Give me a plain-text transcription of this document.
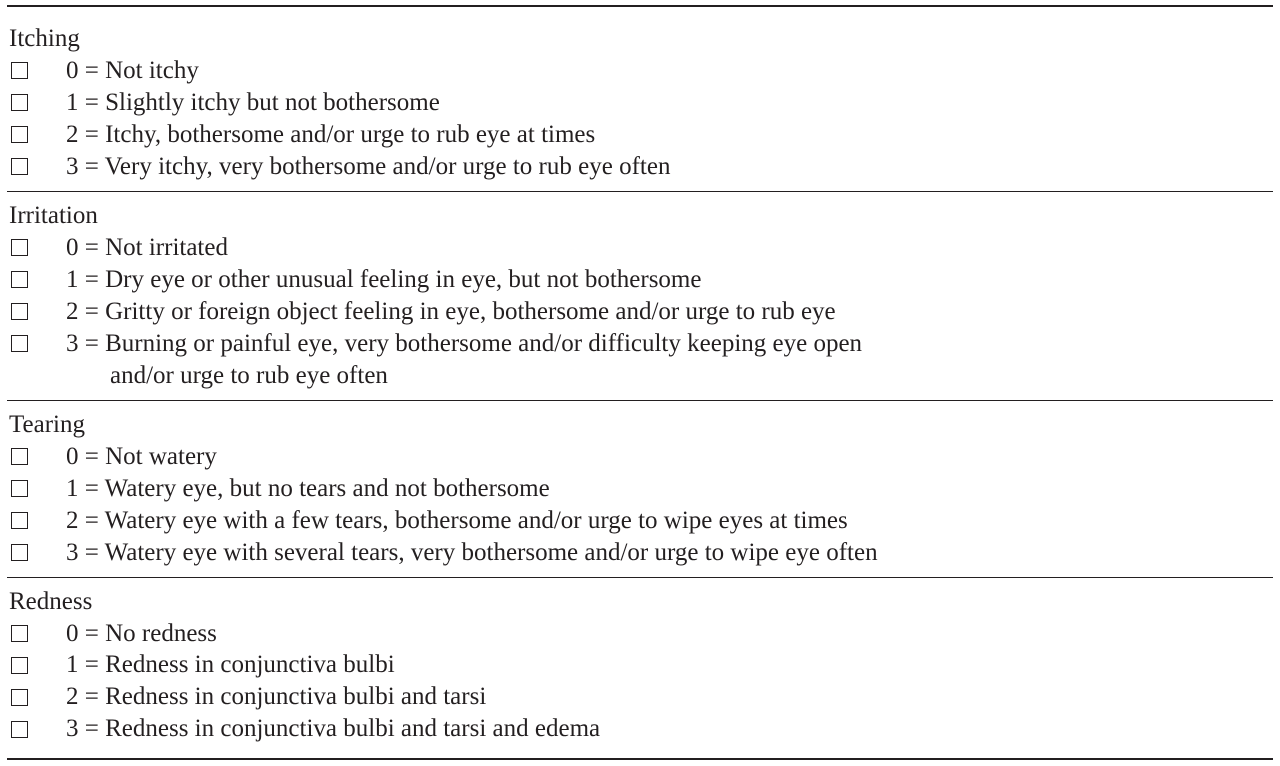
Itching
0 = Not itchy
1 = Slightly itchy but not bothersome
2 = Itchy, bothersome and/or urge to rub eye at times
3 = Very itchy, very bothersome and/or urge to rub eye often
Irritation
0 = Not irritated
1 = Dry eye or other unusual feeling in eye, but not bothersome
2 = Gritty or foreign object feeling in eye, bothersome and/or urge to rub eye
3 = Burning or painful eye, very bothersome and/or difficulty keeping eye open
and/or urge to rub eye often
Tearing
0 = Not watery
1 = Watery eye, but no tears and not bothersome
2 = Watery eye with a few tears, bothersome and/or urge to wipe eyes at times
3 = Watery eye with several tears, very bothersome and/or urge to wipe eye often
Redness
0 = No redness
1 = Redness in conjunctiva bulbi
2 = Redness in conjunctiva bulbi and tarsi
3 = Redness in conjunctiva bulbi and tarsi and edema
